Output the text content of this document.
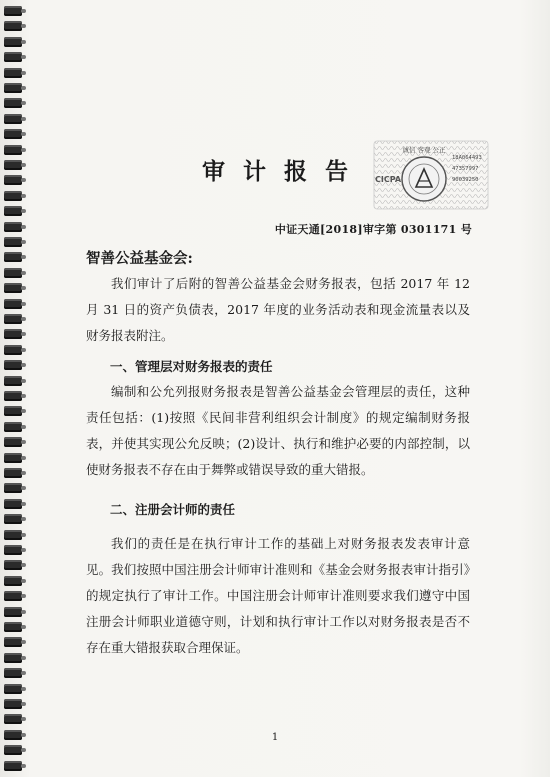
诚信 客观 公正
CICPA
18A064493
47357997
90039250
审计报告
中证天通[2018]审字第 0301171 号
智善公益基金会:

我们审计了后附的智善公益基金会财务报表，包括 2017 年 12 月 31 日的资产负债表，2017 年度的业务活动表和现金流量表以及财务报表附注。

一、管理层对财务报表的责任

编制和公允列报财务报表是智善公益基金会管理层的责任，这种责任包括：(1)按照《民间非营利组织会计制度》的规定编制财务报表，并使其实现公允反映；(2)设计、执行和维护必要的内部控制，以使财务报表不存在由于舞弊或错误导致的重大错报。

二、注册会计师的责任

我们的责任是在执行审计工作的基础上对财务报表发表审计意见。我们按照中国注册会计师审计准则和《基金会财务报表审计指引》的规定执行了审计工作。中国注册会计师审计准则要求我们遵守中国注册会计师职业道德守则，计划和执行审计工作以对财务报表是否不存在重大错报获取合理保证。

1
